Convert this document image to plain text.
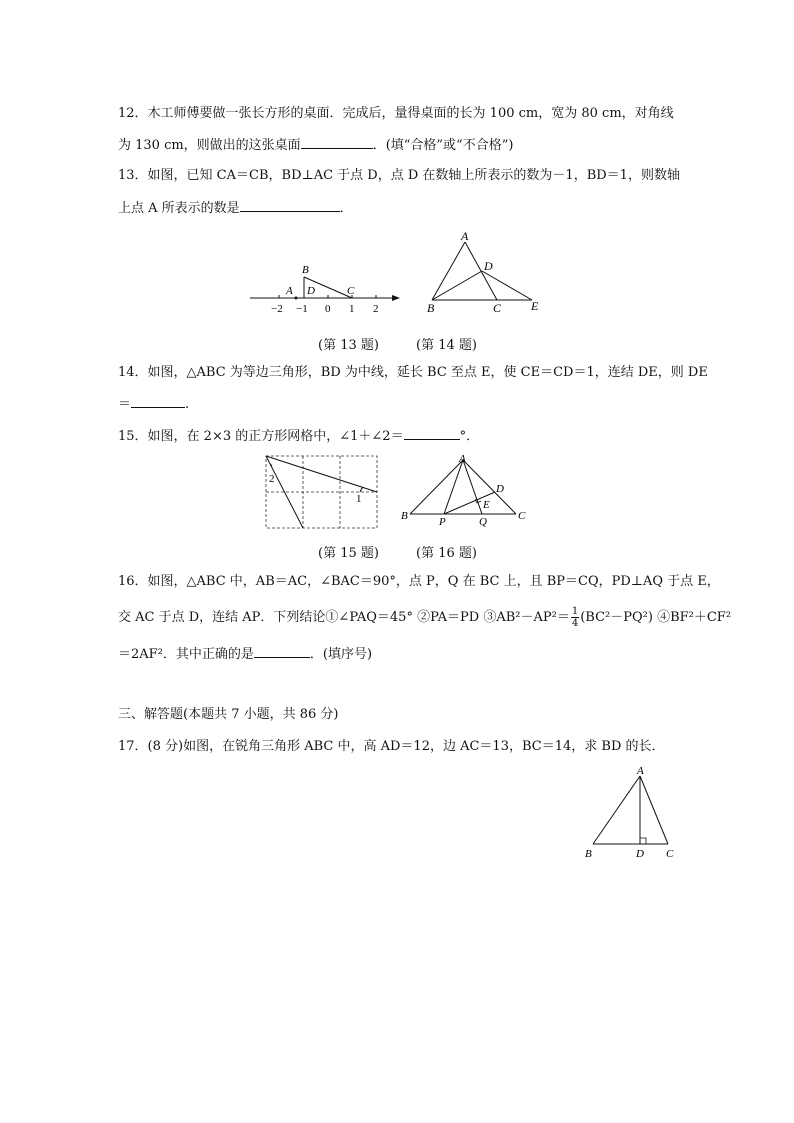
12．木工师傅要做一张长方形的桌面．完成后，量得桌面的长为 100 cm，宽为 80 cm，对角线
为 130 cm，则做出的这张桌面	．(填“合格”或“不合格”)
13．如图，已知 CA＝CB，BD⊥AC 于点 D，点 D 在数轴上所表示的数为－1，BD＝1，则数轴
上点 A 所表示的数是	．
B
A D	C
−2 −1 0 1 2
A
D
B	C E
(第 13 题)	(第 14 题)
14．如图，△ABC 为等边三角形，BD 为中线，延长 BC 至点 E，使 CE＝CD＝1，连结 DE，则 DE
＝	.
15．如图，在 2×3 的正方形网格中，∠1＋∠2＝	°．
2
1
A
B	C
D
E
P	Q
(第 15 题)	(第 16 题)
16．如图，△ABC 中，AB＝AC，∠BAC＝90°，点 P，Q 在 BC 上，且 BP＝CQ，PD⊥AQ 于点 E，
交 AC 于点 D，连结 AP．下列结论①∠PAQ＝45° ②PA＝PD ③AB²－AP²＝ $\frac{1}{4} (BC^2-PQ^2)$ ④BF²＋CF²
＝2AF²．其中正确的是	．(填序号)
三、解答题(本题共 7 小题，共 86 分)
17．(8 分)如图，在锐角三角形 ABC 中，高 AD＝12，边 AC＝13，BC＝14，求 BD 的长．
A
B	D C
